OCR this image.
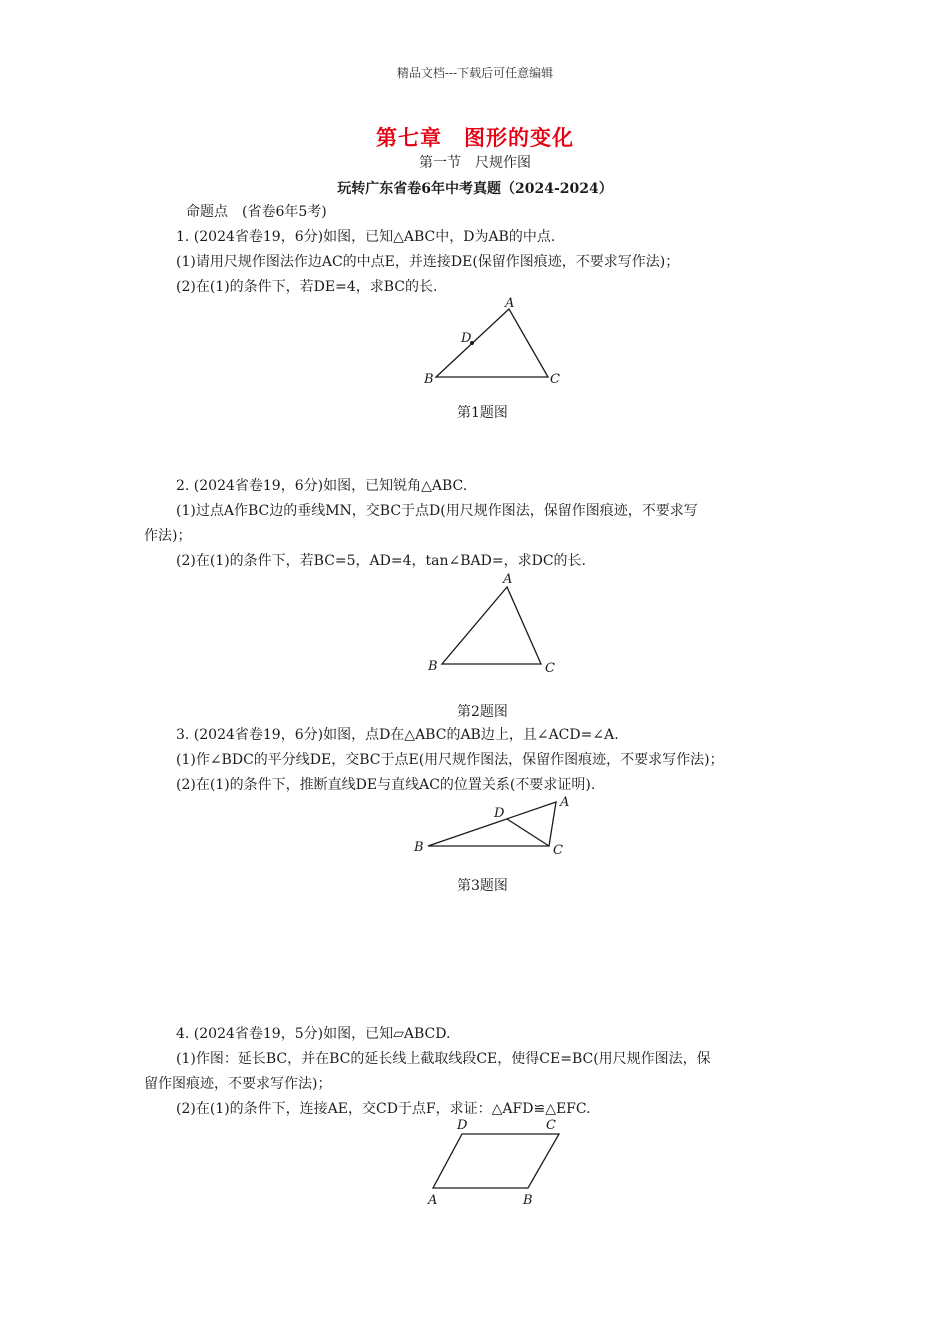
精品文档---下载后可任意编辑
第七章　图形的变化
第一节　尺规作图
玩转广东省卷6年中考真题（2024-2024）
命题点　(省卷6年5考)
1. (2024省卷19，6分)如图，已知△ABC中，D为AB的中点.
(1)请用尺规作图法作边AC的中点E，并连接DE(保留作图痕迹，不要求写作法)；
(2)在(1)的条件下，若DE=4，求BC的长.
A
B	C
D
第1题图
2. (2024省卷19，6分)如图，已知锐角△ABC.
(1)过点A作BC边的垂线MN，交BC于点D(用尺规作图法，保留作图痕迹，不要求写
作法)；
(2)在(1)的条件下，若BC=5，AD=4，tan∠BAD=，求DC的长.
A
B	C
第2题图
3. (2024省卷19，6分)如图，点D在△ABC的AB边上，且∠ACD=∠A.
(1)作∠BDC的平分线DE，交BC于点E(用尺规作图法，保留作图痕迹，不要求写作法)；
(2)在(1)的条件下，推断直线DE与直线AC的位置关系(不要求证明).
A
B	C
D
第3题图
4. (2024省卷19，5分)如图，已知▱ABCD.
(1)作图：延长BC，并在BC的延长线上截取线段CE，使得CE=BC(用尺规作图法，保
留作图痕迹，不要求写作法)；
(2)在(1)的条件下，连接AE，交CD于点F，求证：△AFD≌△EFC.
D	C
A	B
